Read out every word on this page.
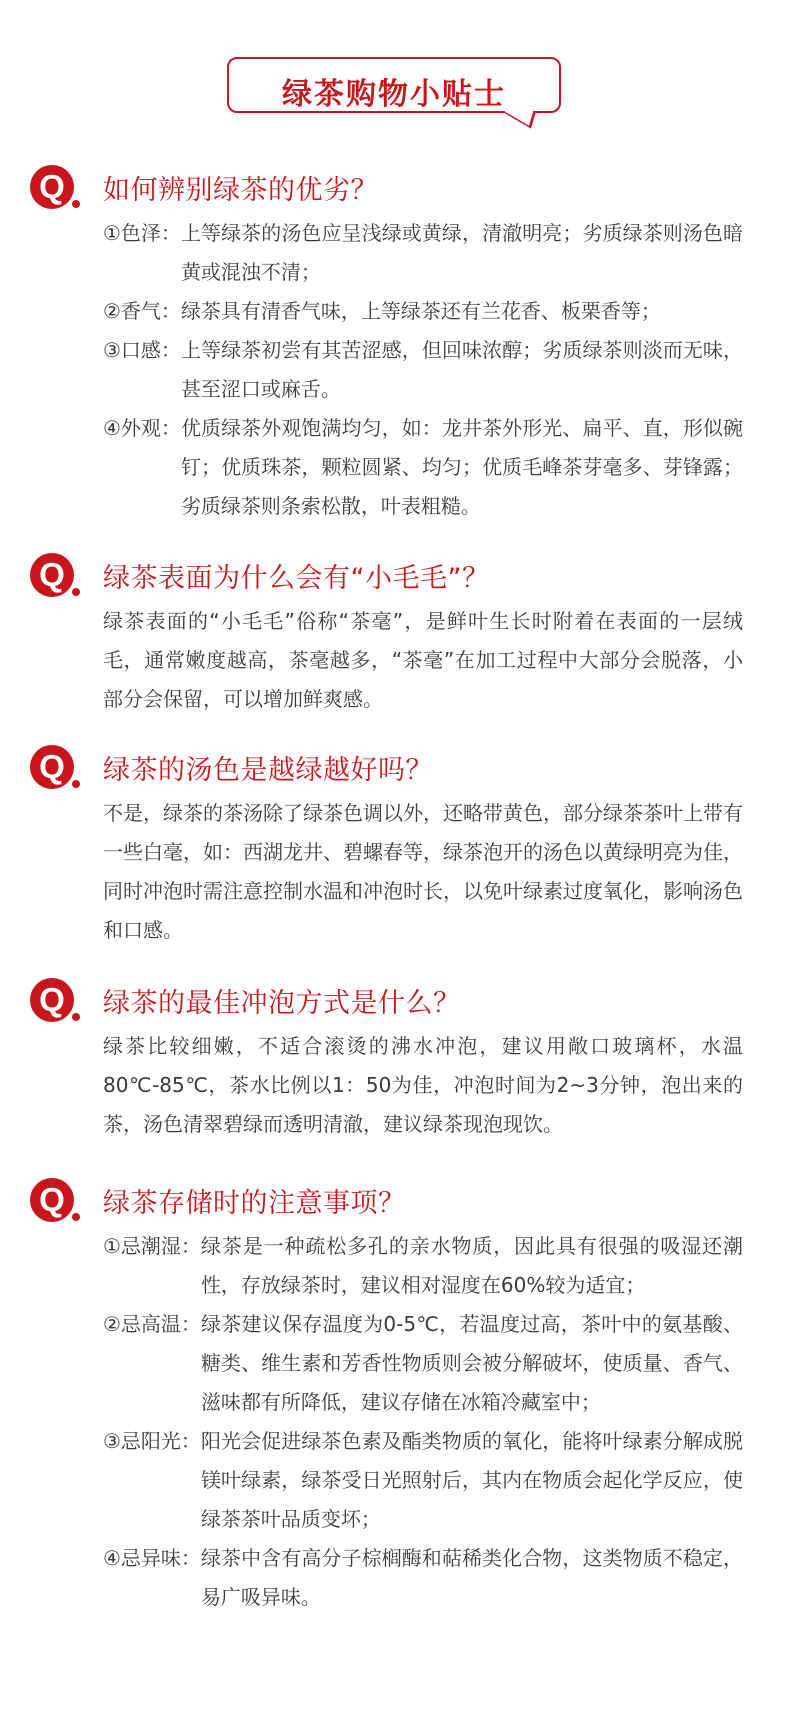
绿茶购物小贴士
Q	如何辨别绿茶的优劣？
①色泽： 上等绿茶的汤色应呈浅绿或黄绿，清澈明亮；劣质绿茶则汤色暗黄或混浊不清；
②香气： 绿茶具有清香气味，上等绿茶还有兰花香、板栗香等；
③口感： 上等绿茶初尝有其苦涩感，但回味浓醇；劣质绿茶则淡而无味，甚至涩口或麻舌。
④外观： 优质绿茶外观饱满均匀，如：龙井茶外形光、扁平、直，形似碗钉；优质珠茶，颗粒圆紧、均匀；优质毛峰茶芽毫多、芽锋露；劣质绿茶则条索松散，叶表粗糙。
Q	绿茶表面为什么会有“小毛毛”？
绿茶表面的“小毛毛”俗称“茶毫”，是鲜叶生长时附着在表面的一层绒毛，通常嫩度越高，茶毫越多，“茶毫”在加工过程中大部分会脱落，小部分会保留，可以增加鲜爽感。
Q	绿茶的汤色是越绿越好吗？
不是，绿茶的茶汤除了绿茶色调以外，还略带黄色，部分绿茶茶叶上带有一些白毫，如：西湖龙井、碧螺春等，绿茶泡开的汤色以黄绿明亮为佳，同时冲泡时需注意控制水温和冲泡时长，以免叶绿素过度氧化，影响汤色和口感。
Q	绿茶的最佳冲泡方式是什么？
绿茶比较细嫩，不适合滚烫的沸水冲泡，建议用敞口玻璃杯，水温80℃-85℃，茶水比例以1：50为佳，冲泡时间为2~3分钟，泡出来的茶，汤色清翠碧绿而透明清澈，建议绿茶现泡现饮。
Q	绿茶存储时的注意事项？
①忌潮湿： 绿茶是一种疏松多孔的亲水物质，因此具有很强的吸湿还潮性，存放绿茶时，建议相对湿度在60%较为适宜；
②忌高温： 绿茶建议保存温度为0-5℃，若温度过高，茶叶中的氨基酸、糖类、维生素和芳香性物质则会被分解破坏，使质量、香气、滋味都有所降低，建议存储在冰箱冷藏室中；
③忌阳光： 阳光会促进绿茶色素及酯类物质的氧化，能将叶绿素分解成脱镁叶绿素，绿茶受日光照射后，其内在物质会起化学反应，使绿茶茶叶品质变坏；
④忌异味： 绿茶中含有高分子棕榈酶和萜稀类化合物，这类物质不稳定，易广吸异味。
